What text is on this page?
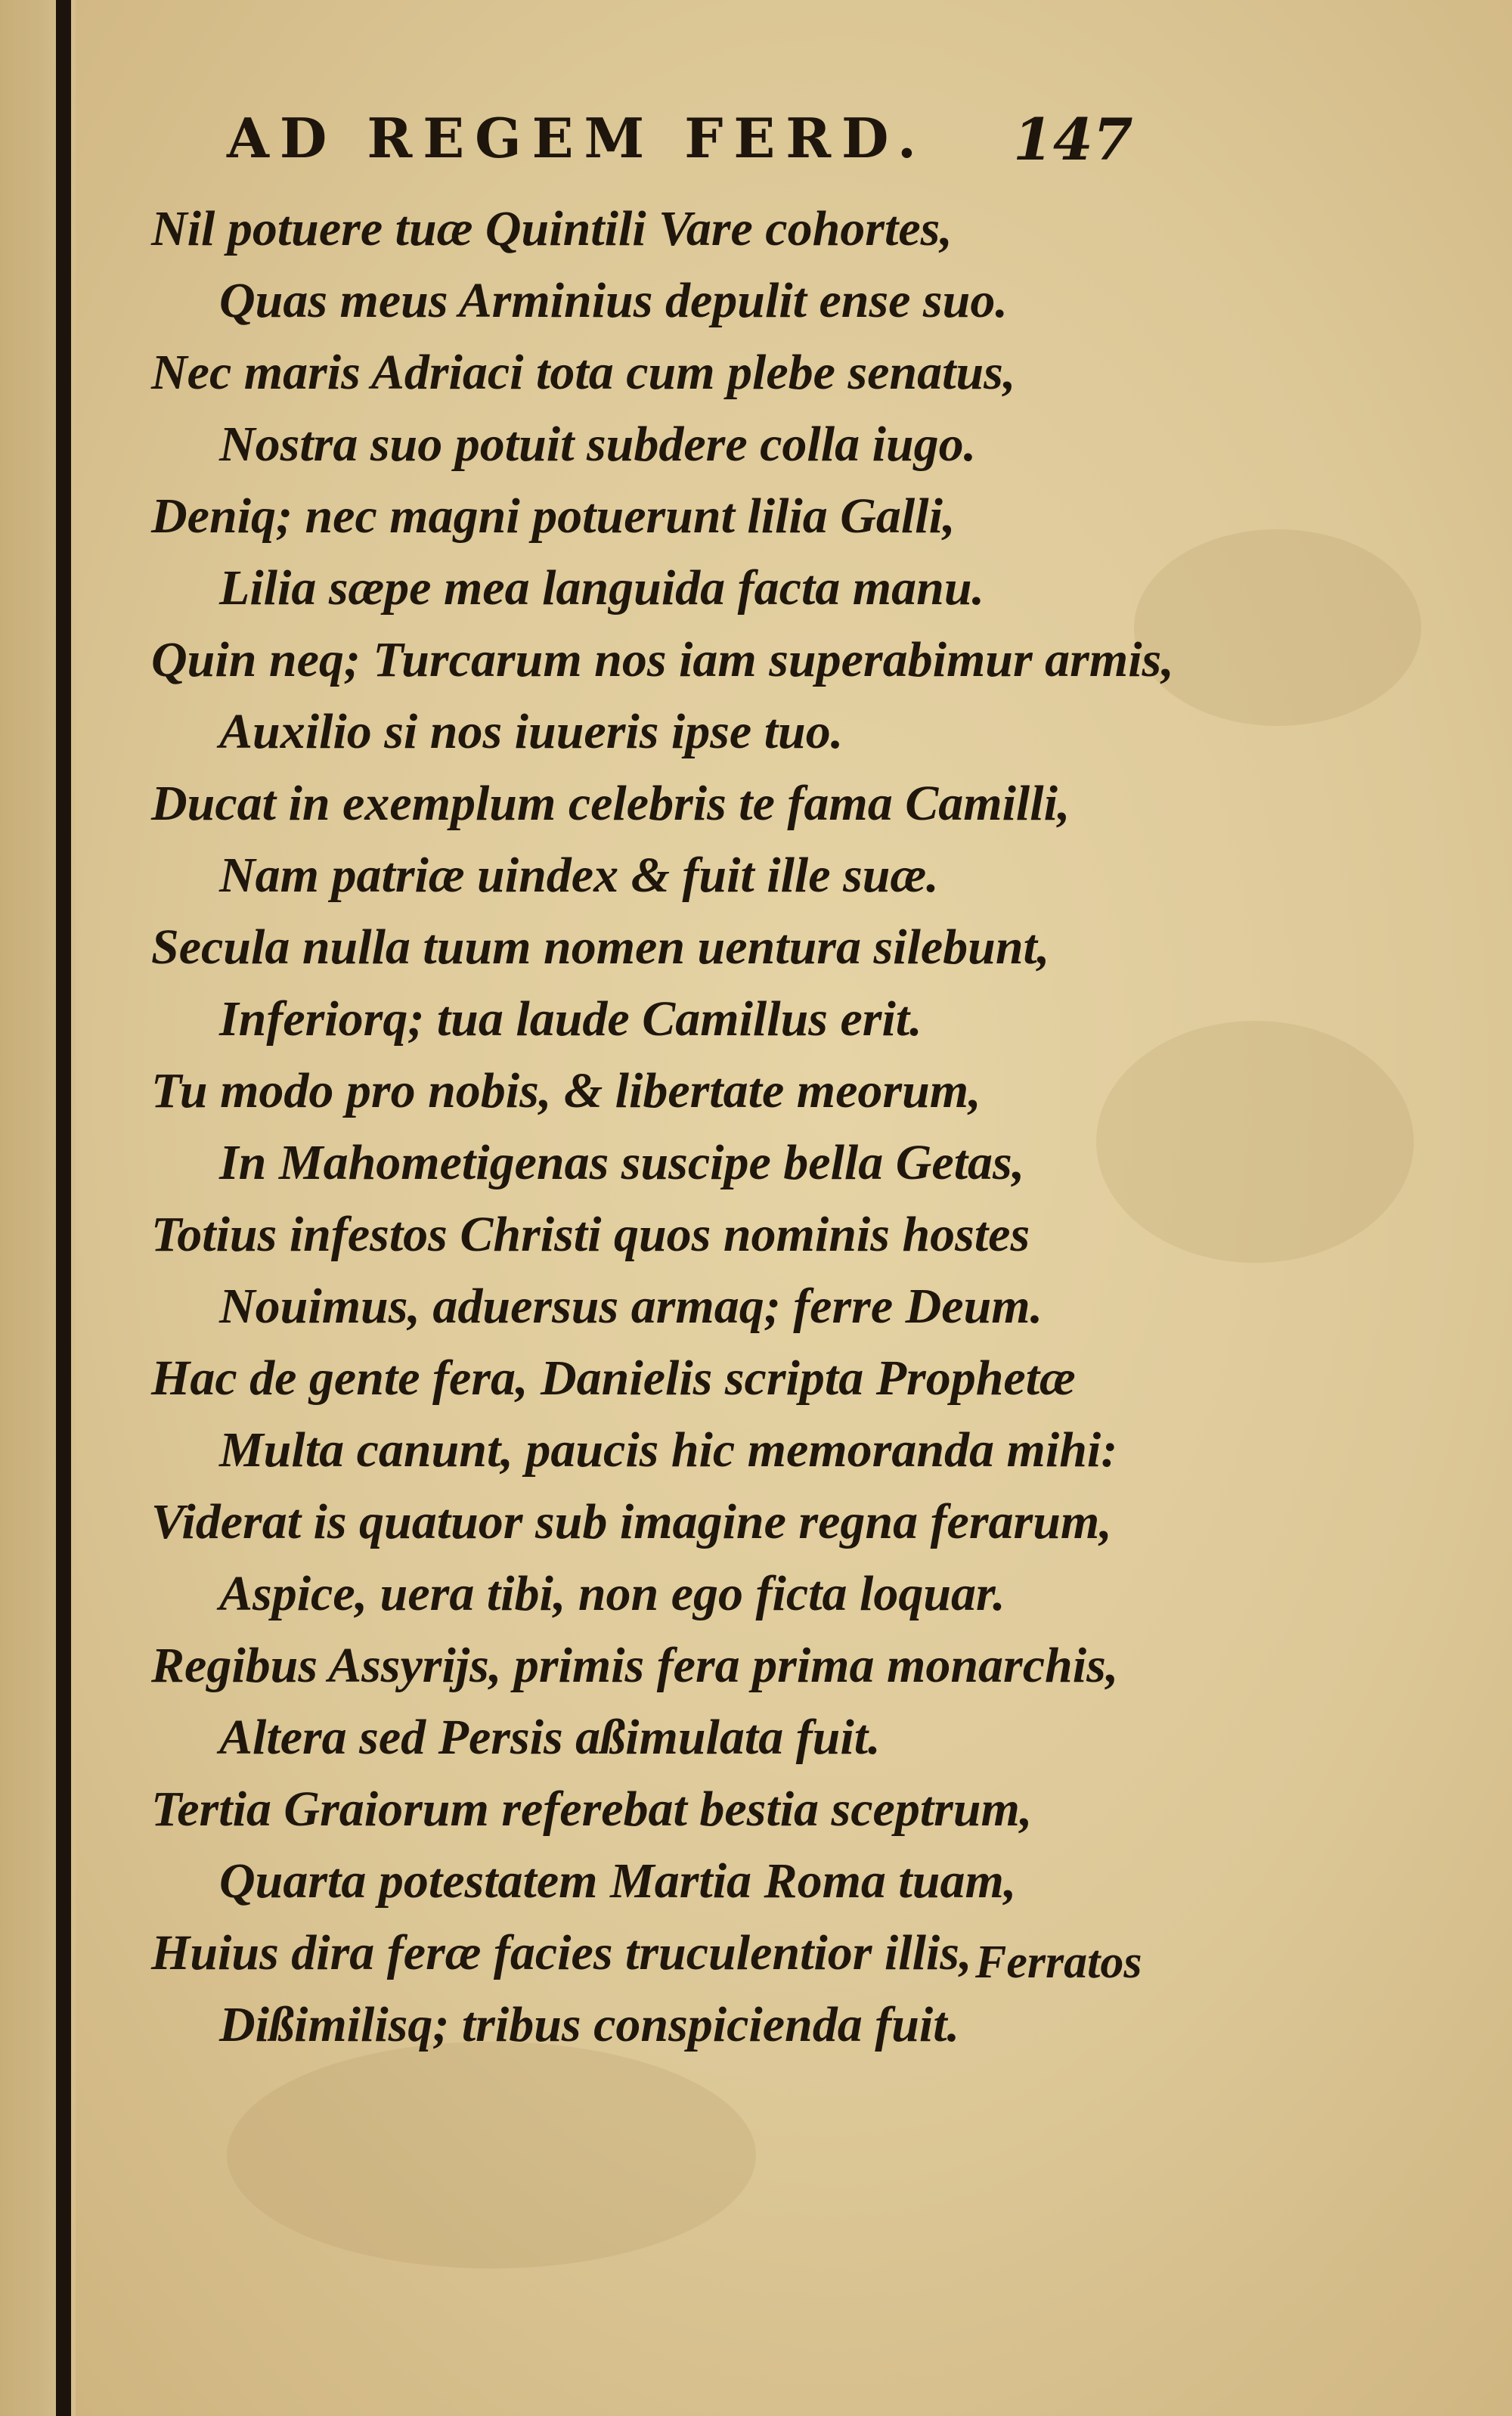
AD REGEM FERD.	147
Nil potuere tuæ Quintili Vare cohortes,
Quas meus Arminius depulit ense suo.
Nec maris Adriaci tota cum plebe senatus,
Nostra suo potuit subdere colla iugo.
Deniq; nec magni potuerunt lilia Galli,
Lilia sæpe mea languida facta manu.
Quin neq; Turcarum nos iam superabimur armis,
Auxilio si nos iuueris ipse tuo.
Ducat in exemplum celebris te fama Camilli,
Nam patriæ uindex & fuit ille suæ.
Secula nulla tuum nomen uentura silebunt,
Inferiorq; tua laude Camillus erit.
Tu modo pro nobis, & libertate meorum,
In Mahometigenas suscipe bella Getas,
Totius infestos Christi quos nominis hostes
Nouimus, aduersus armaq; ferre Deum.
Hac de gente fera, Danielis scripta Prophetæ
Multa canunt, paucis hic memoranda mihi:
Viderat is quatuor sub imagine regna ferarum,
Aspice, uera tibi, non ego ficta loquar.
Regibus Assyrijs, primis fera prima monarchis,
Altera sed Persis aßimulata fuit.
Tertia Graiorum referebat bestia sceptrum,
Quarta potestatem Martia Roma tuam,
Huius dira feræ facies truculentior illis,
Dißimilisq; tribus conspicienda fuit.
Ferratos
